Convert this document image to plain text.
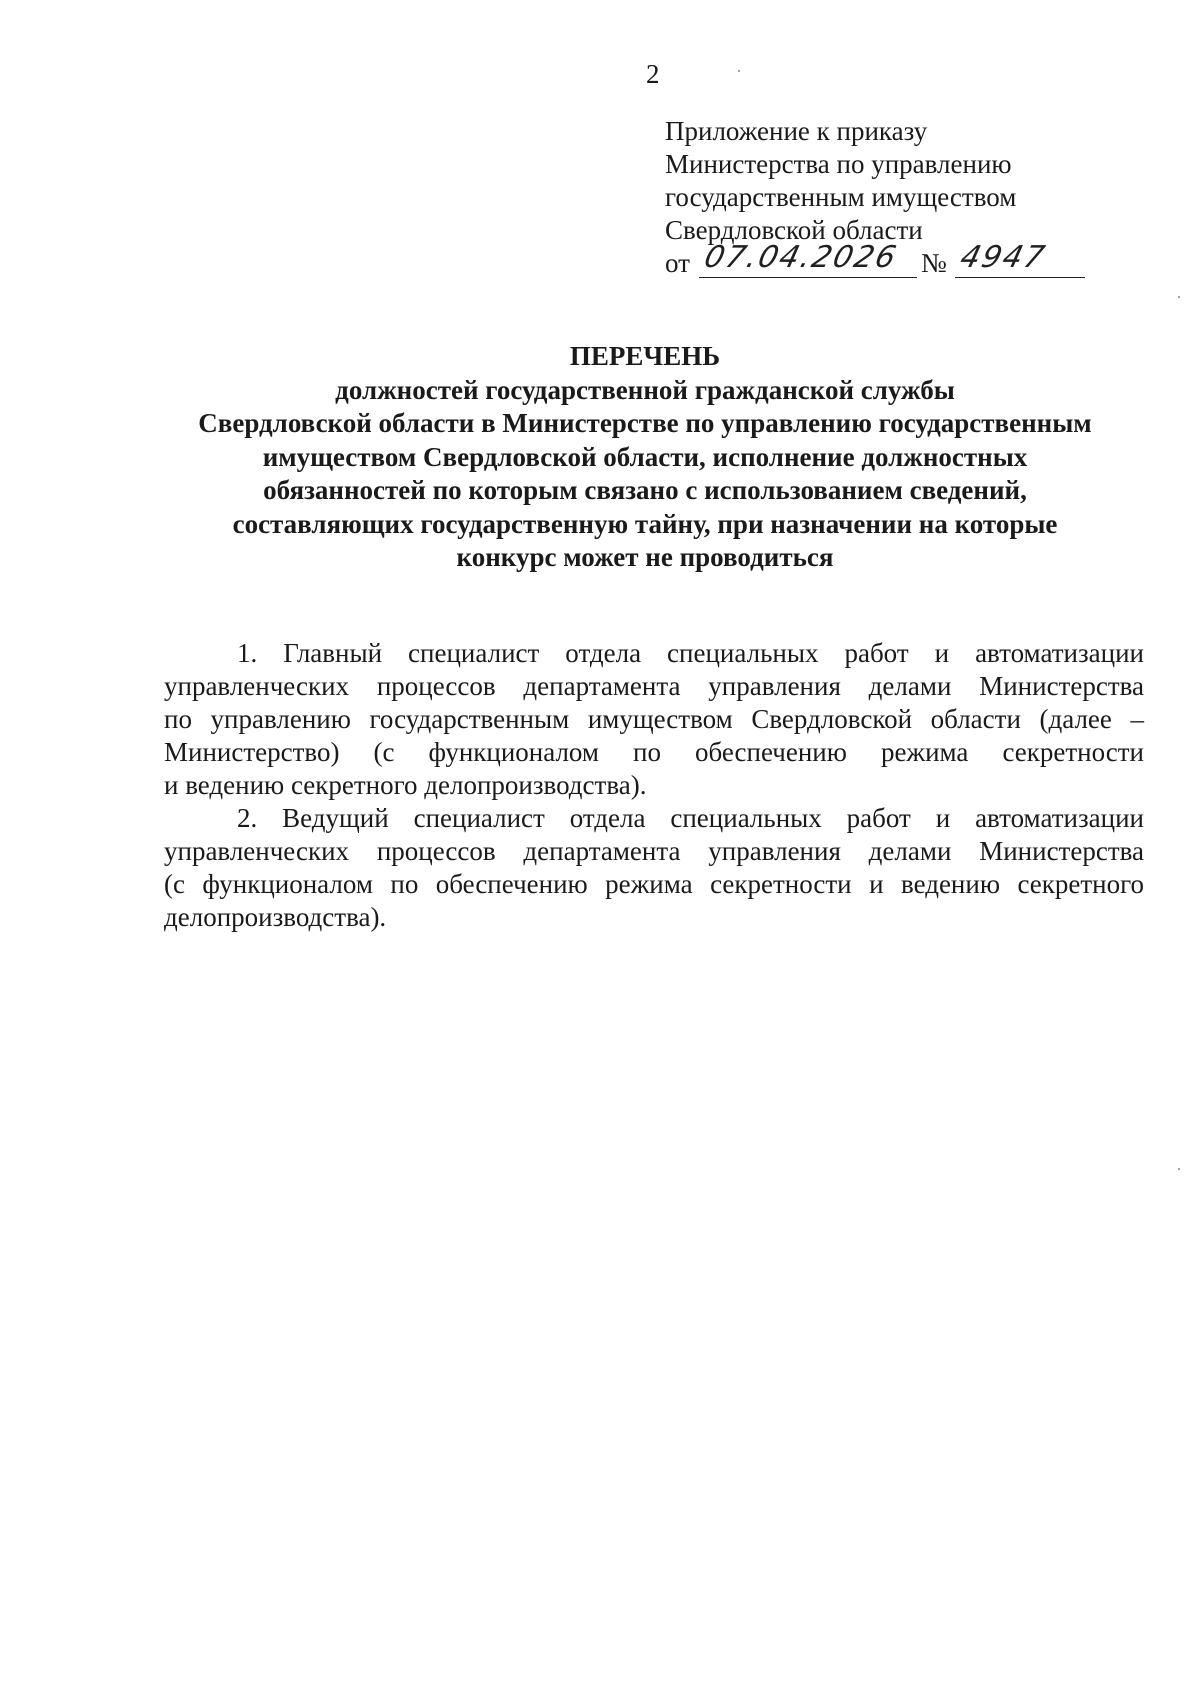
2
Приложение к приказу
Министерства по управлению
государственным имуществом
Свердловской области
от 07.04.2026 № 4947
ПЕРЕЧЕНЬ
должностей государственной гражданской службы
Свердловской области в Министерстве по управлению государственным
имуществом Свердловской области, исполнение должностных
обязанностей по которым связано с использованием сведений,
составляющих государственную тайну, при назначении на которые
конкурс может не проводиться
1. Главный специалист отдела специальных работ и автоматизации
управленческих процессов департамента управления делами Министерства
по управлению государственным имуществом Свердловской области (далее –
Министерство) (с функционалом по обеспечению режима секретности
и ведению секретного делопроизводства).
2. Ведущий специалист отдела специальных работ и автоматизации
управленческих процессов департамента управления делами Министерства
(с функционалом по обеспечению режима секретности и ведению секретного
делопроизводства).
